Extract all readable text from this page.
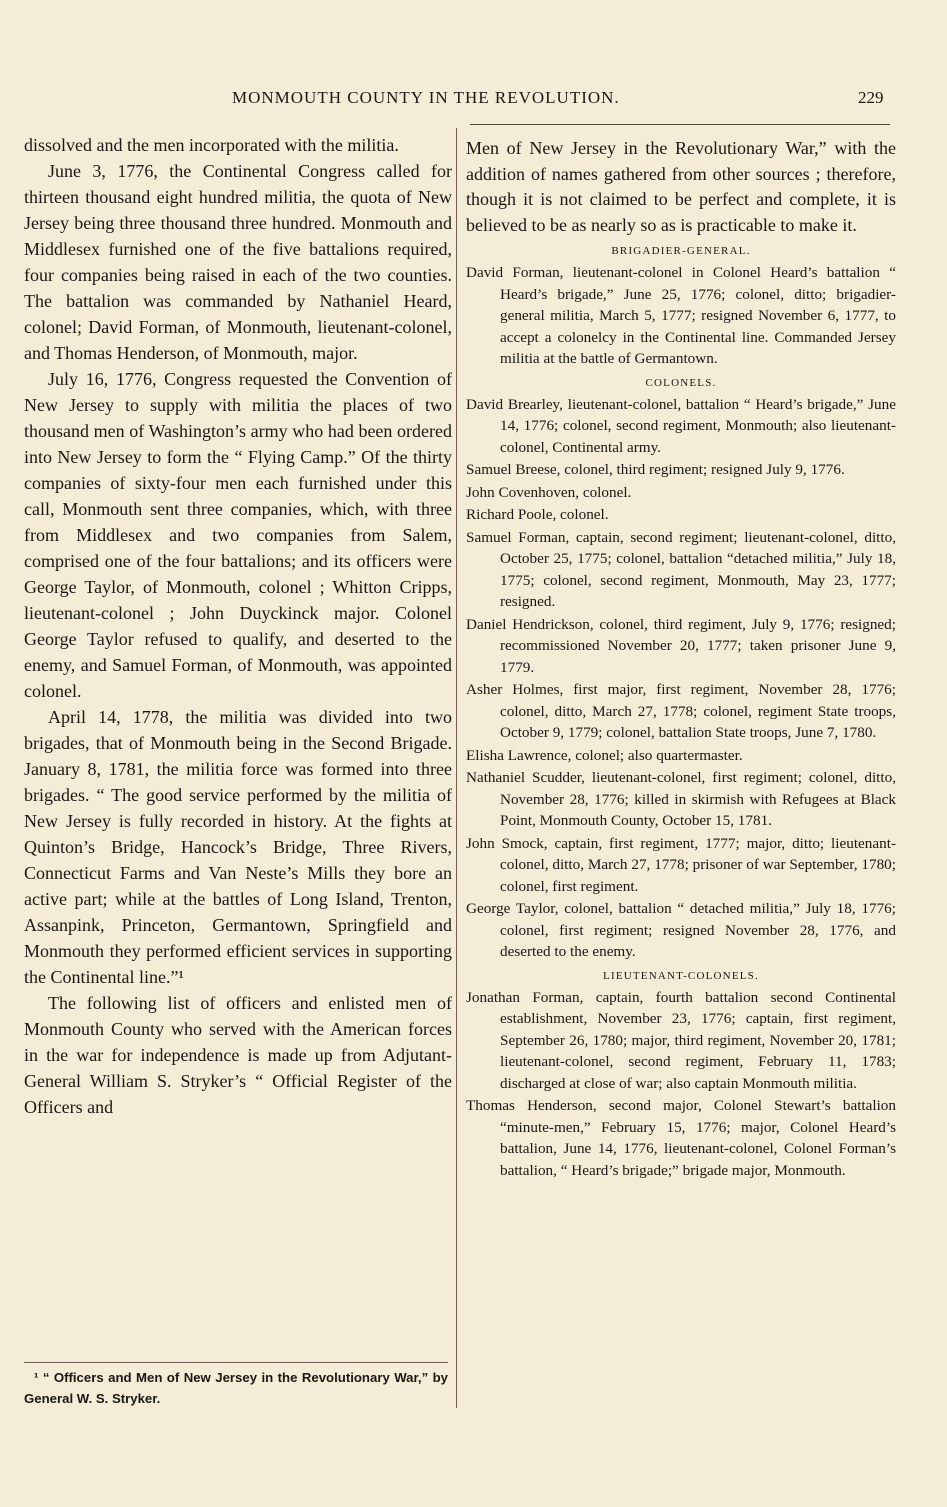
MONMOUTH COUNTY IN THE REVOLUTION.	229

dissolved and the men incorporated with the militia.

June 3, 1776, the Continental Congress called for thirteen thousand eight hundred militia, the quota of New Jersey being three thousand three hundred. Monmouth and Middlesex furnished one of the five battalions required, four companies being raised in each of the two counties. The battalion was commanded by Nathaniel Heard, colonel; David Forman, of Monmouth, lieutenant-colonel, and Thomas Henderson, of Monmouth, major.

July 16, 1776, Congress requested the Convention of New Jersey to supply with militia the places of two thousand men of Washington’s army who had been ordered into New Jersey to form the “ Flying Camp.” Of the thirty companies of sixty-four men each furnished under this call, Monmouth sent three companies, which, with three from Middlesex and two companies from Salem, comprised one of the four battalions; and its officers were George Taylor, of Monmouth, colonel ; Whitton Cripps, lieutenant-colonel ; John Duyckinck major. Colonel George Taylor refused to qualify, and deserted to the enemy, and Samuel Forman, of Monmouth, was appointed colonel.

April 14, 1778, the militia was divided into two brigades, that of Monmouth being in the Second Brigade. January 8, 1781, the militia force was formed into three brigades. “ The good service performed by the militia of New Jersey is fully recorded in history. At the fights at Quinton’s Bridge, Hancock’s Bridge, Three Rivers, Connecticut Farms and Van Neste’s Mills they bore an active part; while at the battles of Long Island, Trenton, Assanpink, Princeton, Germantown, Springfield and Monmouth they performed efficient services in supporting the Continental line.”¹

The following list of officers and enlisted men of Monmouth County who served with the American forces in the war for independence is made up from Adjutant-General William S. Stryker’s “ Official Register of the Officers and

¹ “ Officers and Men of New Jersey in the Revolutionary War,” by General W. S. Stryker.

Men of New Jersey in the Revolutionary War,” with the addition of names gathered from other sources ; therefore, though it is not claimed to be perfect and complete, it is believed to be as nearly so as is practicable to make it.

BRIGADIER-GENERAL.

David Forman, lieutenant-colonel in Colonel Heard’s battalion “ Heard’s brigade,” June 25, 1776; colonel, ditto; brigadier-general militia, March 5, 1777; resigned November 6, 1777, to accept a colonelcy in the Continental line. Commanded Jersey militia at the battle of Germantown.

COLONELS.

David Brearley, lieutenant-colonel, battalion “ Heard’s brigade,” June 14, 1776; colonel, second regiment, Monmouth; also lieutenant-colonel, Continental army.

Samuel Breese, colonel, third regiment; resigned July 9, 1776.

John Covenhoven, colonel.

Richard Poole, colonel.

Samuel Forman, captain, second regiment; lieutenant-colonel, ditto, October 25, 1775; colonel, battalion “detached militia,” July 18, 1775; colonel, second regiment, Monmouth, May 23, 1777; resigned.

Daniel Hendrickson, colonel, third regiment, July 9, 1776; resigned; recommissioned November 20, 1777; taken prisoner June 9, 1779.

Asher Holmes, first major, first regiment, November 28, 1776; colonel, ditto, March 27, 1778; colonel, regiment State troops, October 9, 1779; colonel, battalion State troops, June 7, 1780.

Elisha Lawrence, colonel; also quartermaster.

Nathaniel Scudder, lieutenant-colonel, first regiment; colonel, ditto, November 28, 1776; killed in skirmish with Refugees at Black Point, Monmouth County, October 15, 1781.

John Smock, captain, first regiment, 1777; major, ditto; lieutenant-colonel, ditto, March 27, 1778; prisoner of war September, 1780; colonel, first regiment.

George Taylor, colonel, battalion “ detached militia,” July 18, 1776; colonel, first regiment; resigned November 28, 1776, and deserted to the enemy.

LIEUTENANT-COLONELS.

Jonathan Forman, captain, fourth battalion second Continental establishment, November 23, 1776; captain, first regiment, September 26, 1780; major, third regiment, November 20, 1781; lieutenant-colonel, second regiment, February 11, 1783; discharged at close of war; also captain Monmouth militia.

Thomas Henderson, second major, Colonel Stewart’s battalion “minute-men,” February 15, 1776; major, Colonel Heard’s battalion, June 14, 1776, lieutenant-colonel, Colonel Forman’s battalion, “ Heard’s brigade;” brigade major, Monmouth.
